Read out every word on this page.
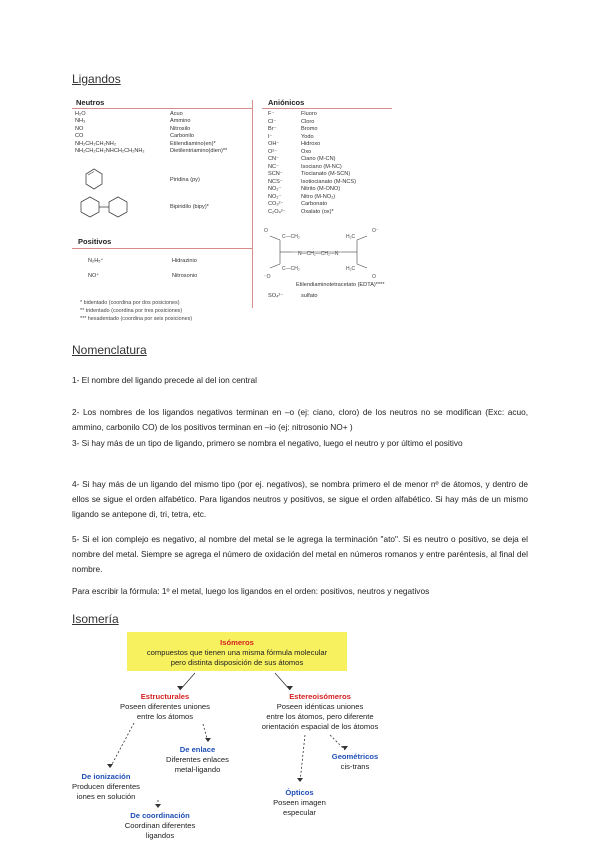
Ligandos
Neutros
H₂O	Acuo
NH₃	Ammino
NO	Nitrosilo
CO	Carbonilo
NH₂CH₂CH₂NH₂	Etilendiamino(en)*
NH₂CH₂CH₂NHCH₂CH₂NH₂	Dietilentriamino(dien)**
Piridina (py)
Bipiridilo (bipy)*
Positivos
N₂H₅⁺	Hidrazinio
NO⁺	Nitrosonio
* bidentado (coordina por dos posiciones)
** tridentado (coordina por tres posiciones)
*** hexadentado (coordina por seis posiciones)
Aniónicos
F⁻	Fluoro
Cl⁻	Cloro
Br⁻	Bromo
I⁻	Yodo
OH⁻	Hidroxo
O²⁻	Oxo
CN⁻	Ciano (M-CN)
NC⁻	Isociano (M-NC)
SCN⁻	Tiocianato (M-SCN)
NCS⁻	Isotiocianato (M-NCS)
NO₂⁻	Nitrito (M-ONO)
NO₂⁻	Nitro (M-NO₂)
CO₃²⁻	Carbonato
C₂O₄²⁻	Oxalato (ox)*
C—CH₂
C—CH₂
N—CH₂—CH₂—N
H₂C
H₂C
O
⁻O
O⁻
O
Etilendiaminotetracetato (EDTA)****
SO₄²⁻	sulfato
Nomenclatura
1- El nombre del ligando precede al del ion central
2- Los nombres de los ligandos negativos terminan en –o (ej: ciano, cloro) de los neutros no se modifican (Exc: acuo, ammino, carbonilo CO) de los positivos terminan en –io (ej: nitrosonio NO+ )
3- Si hay más de un tipo de ligando, primero se nombra el negativo, luego el neutro y por último el positivo
4- Si hay más de un ligando del mismo tipo (por ej. negativos), se nombra primero el de menor nº de átomos, y dentro de ellos se sigue el orden alfabético. Para ligandos neutros y positivos, se sigue el orden alfabético. Si hay más de un mismo ligando se antepone di, tri, tetra, etc.
5- Si el ion complejo es negativo, al nombre del metal se le agrega la terminación "ato". Si es neutro o positivo, se deja el nombre del metal. Siempre se agrega el número de oxidación del metal en números romanos y entre paréntesis, al final del nombre.
Para escribir la fórmula: 1º el metal, luego los ligandos en el orden: positivos, neutros y negativos
Isomería
Isómeros
compuestos que tienen una misma fórmula molecular
pero distinta disposición de sus átomos
Estructurales
Poseen diferentes uniones
entre los átomos
Estereoisómeros
Poseen idénticas uniones
entre los átomos, pero diferente
orientación espacial de los átomos
De enlace
Diferentes enlaces
metal-ligando
De ionización
Producen diferentes
iones en solución
De coordinación
Coordinan diferentes
ligandos
Geométricos
cis-trans
Ópticos
Poseen imagen
especular
